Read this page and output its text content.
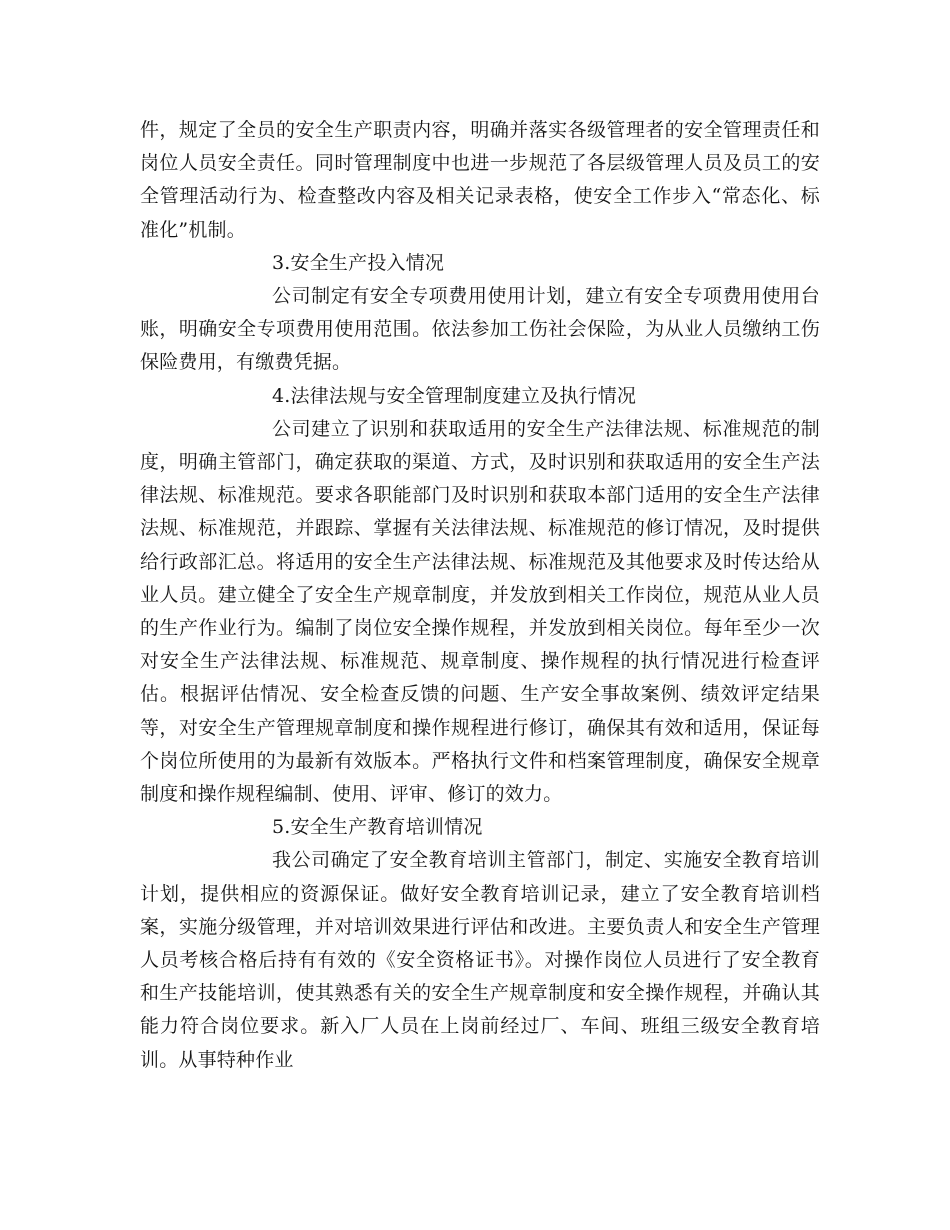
件，规定了全员的安全生产职责内容，明确并落实各级管理者的安全管理责任和岗位人员安全责任。同时管理制度中也进一步规范了各层级管理人员及员工的安全管理活动行为、检查整改内容及相关记录表格，使安全工作步入“常态化、标准化”机制。

3.安全生产投入情况

公司制定有安全专项费用使用计划，建立有安全专项费用使用台账，明确安全专项费用使用范围。依法参加工伤社会保险，为从业人员缴纳工伤保险费用，有缴费凭据。

4.法律法规与安全管理制度建立及执行情况

公司建立了识别和获取适用的安全生产法律法规、标准规范的制度，明确主管部门，确定获取的渠道、方式，及时识别和获取适用的安全生产法律法规、标准规范。要求各职能部门及时识别和获取本部门适用的安全生产法律法规、标准规范，并跟踪、掌握有关法律法规、标准规范的修订情况，及时提供给行政部汇总。将适用的安全生产法律法规、标准规范及其他要求及时传达给从业人员。建立健全了安全生产规章制度，并发放到相关工作岗位，规范从业人员的生产作业行为。编制了岗位安全操作规程，并发放到相关岗位。每年至少一次对安全生产法律法规、标准规范、规章制度、操作规程的执行情况进行检查评估。根据评估情况、安全检查反馈的问题、生产安全事故案例、绩效评定结果等，对安全生产管理规章制度和操作规程进行修订，确保其有效和适用，保证每个岗位所使用的为最新有效版本。严格执行文件和档案管理制度，确保安全规章制度和操作规程编制、使用、评审、修订的效力。

5.安全生产教育培训情况

我公司确定了安全教育培训主管部门，制定、实施安全教育培训计划，提供相应的资源保证。做好安全教育培训记录，建立了安全教育培训档案，实施分级管理，并对培训效果进行评估和改进。主要负责人和安全生产管理人员考核合格后持有有效的《安全资格证书》。对操作岗位人员进行了安全教育和生产技能培训，使其熟悉有关的安全生产规章制度和安全操作规程，并确认其能力符合岗位要求。新入厂人员在上岗前经过厂、车间、班组三级安全教育培训。从事特种作业
